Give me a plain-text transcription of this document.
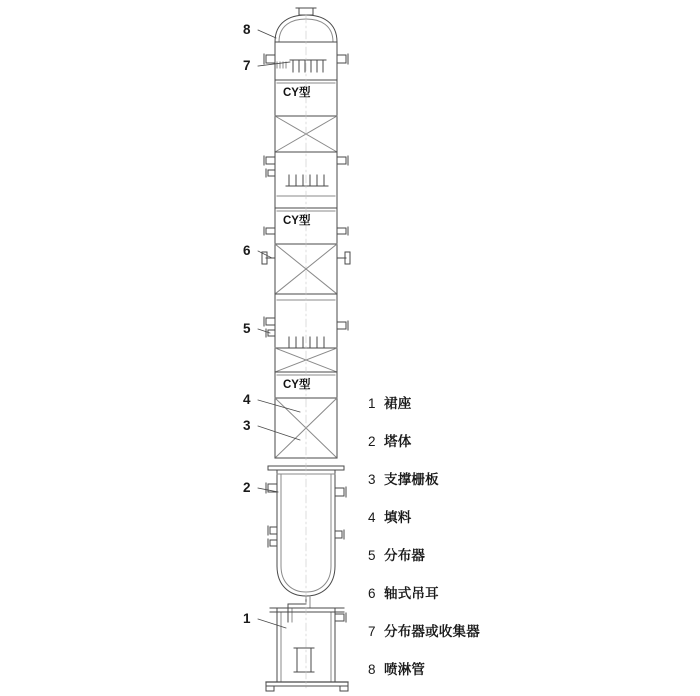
CY型
CY型
CY型
8
7
6
5
4
3
2
1
1 裙座
2 塔体
3 支撑栅板
4 填料
5 分布器
6 轴式吊耳
7 分布器或收集器
8 喷淋管
